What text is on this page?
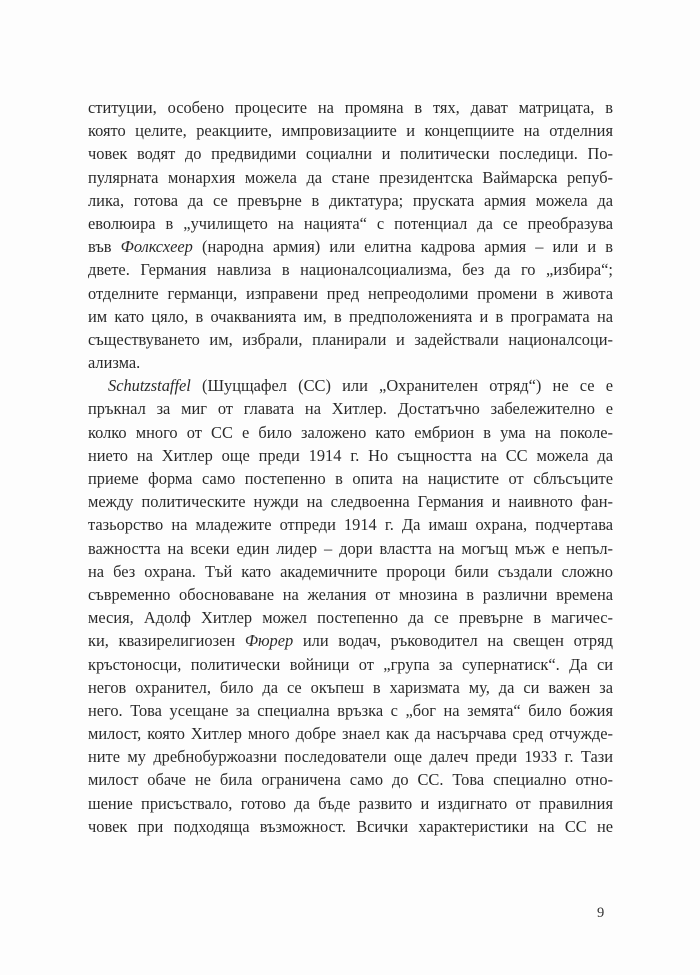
ституции, особено процесите на промяна в тях, дават матрицата, в
която целите, реакциите, импровизациите и концепциите на отделния
човек водят до предвидими социални и политически последици. По-
пулярната монархия можела да стане президентска Ваймарска репуб-
лика, готова да се превърне в диктатура; пруската армия можела да
еволюира в „училището на нацията“ с потенциал да се преобразува
във Фолксхеер (народна армия) или елитна кадрова армия – или и в
двете. Германия навлиза в националсоциализма, без да го „избира“;
отделните германци, изправени пред непреодолими промени в живота
им като цяло, в очакванията им, в предположенията и в програмата на
съществуването им, избрали, планирали и задействали националсоци-
ализма.
Schutzstaffel (Шуцщафел (СС) или „Охранителен отряд“) не се е
пръкнал за миг от главата на Хитлер. Достатъчно забележително е
колко много от СС е било заложено като ембрион в ума на поколе-
нието на Хитлер още преди 1914 г. Но същността на СС можела да
приеме форма само постепенно в опита на нацистите от сблъсъците
между политическите нужди на следвоенна Германия и наивното фан-
тазьорство на младежите отпреди 1914 г. Да имаш охрана, подчертава
важността на всеки един лидер – дори властта на могъщ мъж е непъл-
на без охрана. Тъй като академичните пророци били създали сложно
съвременно обосноваване на желания от мнозина в различни времена
месия, Адолф Хитлер можел постепенно да се превърне в магичес-
ки, квазирелигиозен Фюрер или водач, ръководител на свещен отряд
кръстоносци, политически войници от „група за супернатиск“. Да си
негов охранител, било да се окъпеш в харизмата му, да си важен за
него. Това усещане за специална връзка с „бог на земята“ било божия
милост, която Хитлер много добре знаел как да насърчава сред отчужде-
ните му дребнобуржоазни последователи още далеч преди 1933 г. Тази
милост обаче не била ограничена само до СС. Това специално отно-
шение присъствало, готово да бъде развито и издигнато от правилния
човек при подходяща възможност. Всички характеристики на СС не
9
